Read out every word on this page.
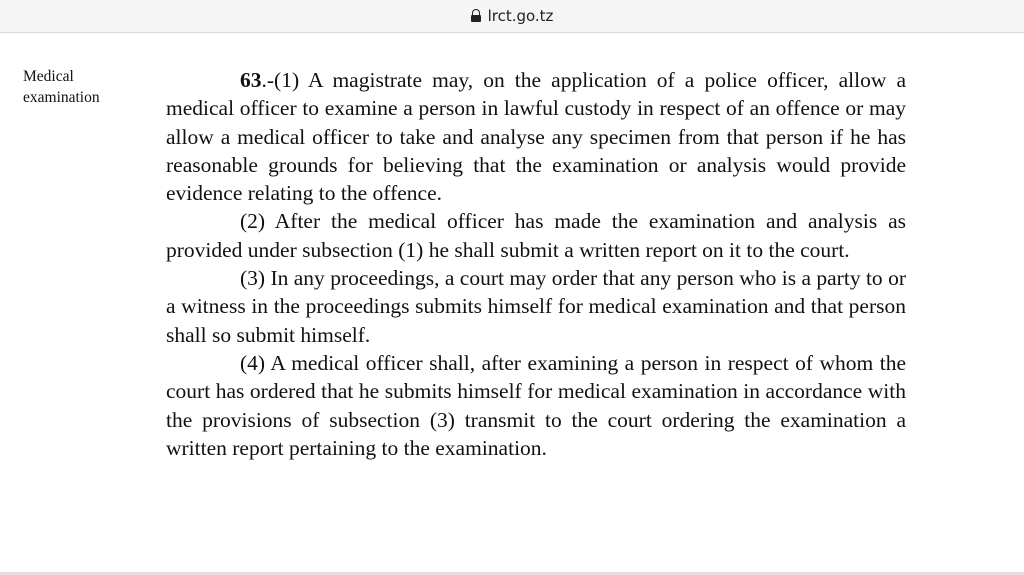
Medical
examination

63.-(1) A magistrate may, on the application of a police officer, allow a medical officer to examine a person in lawful custody in respect of an offence or may allow a medical officer to take and analyse any specimen from that person if he has reasonable grounds for believing that the examination or analysis would provide evidence relating to the offence.

(2) After the medical officer has made the examination and analysis as provided under subsection (1) he shall submit a written report on it to the court.

(3) In any proceedings, a court may order that any person who is a party to or a witness in the proceedings submits himself for medical examination and that person shall so submit himself.

(4) A medical officer shall, after examining a person in respect of whom the court has ordered that he submits himself for medical examination in accordance with the provisions of subsection (3) transmit to the court ordering the examination a written report pertaining to the examination.

lrct.go.tz
